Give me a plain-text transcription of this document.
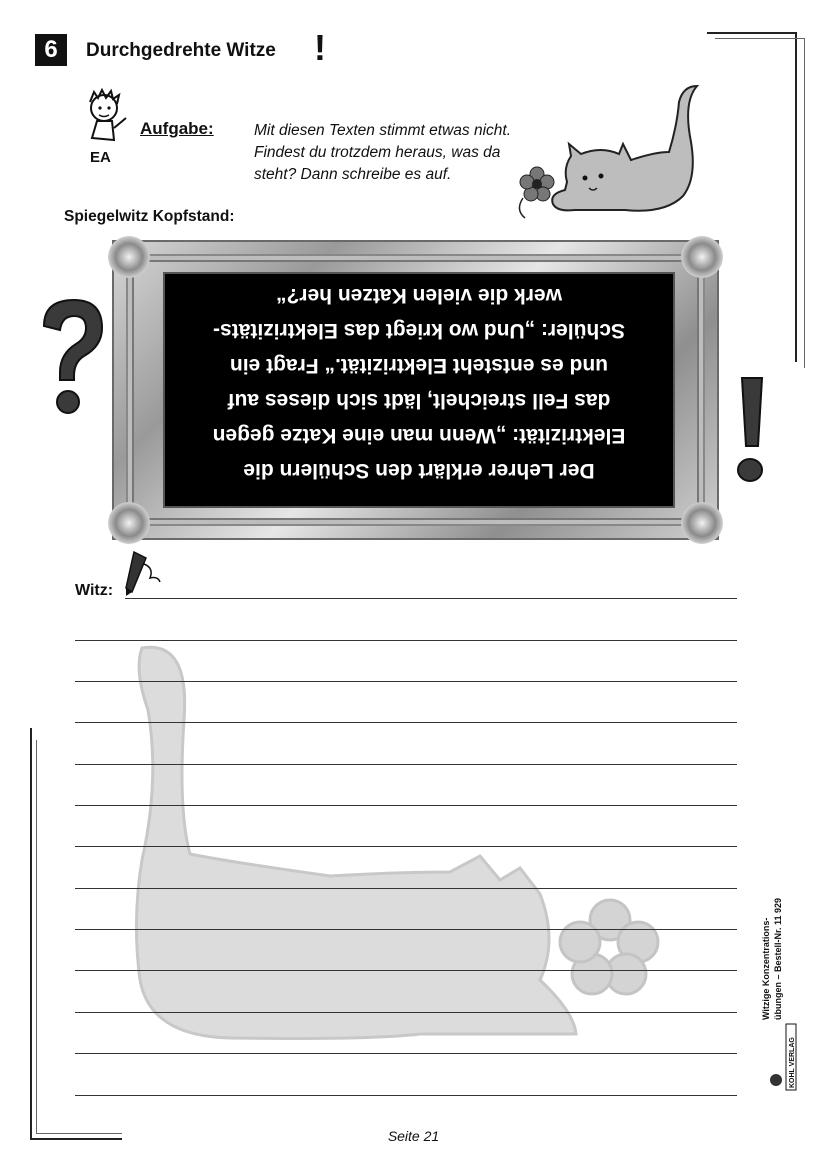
6	Durchgedrehte Witze !
EA
Aufgabe:	Mit diesen Texten stimmt etwas nicht.
Findest du trotzdem heraus, was da
steht? Dann schreibe es auf.
Spiegelwitz Kopfstand:
Der Lehrer erklärt den Schülern die
Elektrizität: „Wenn man eine Katze gegen
das Fell streichelt, lädt sich dieses auf
und es entsteht Elektrizität.“ Fragt ein
Schüler: „Und wo kriegt das Elektrizitäts-
werk die vielen Katzen her?“
Witz:
Witzige Konzentrations- übungen – Bestell-Nr. 11 929
KOHL VERLAG
Seite 21
